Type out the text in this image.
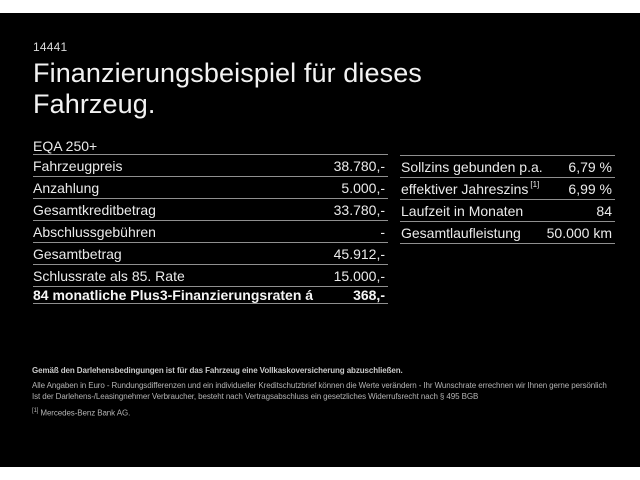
14441
Finanzierungsbeispiel für dieses
Fahrzeug.
EQA 250+
Fahrzeugpreis	38.780,-
Anzahlung	5.000,-
Gesamtkreditbetrag	33.780,-
Abschlussgebühren	-
Gesamtbetrag	45.912,-
Schlussrate als 85. Rate	15.000,-
84 monatliche Plus3-Finanzierungsraten á	368,-
Sollzins gebunden p.a. 6,79 %
effektiver Jahreszins [1] 6,99 %
Laufzeit in Monaten	84
Gesamtlaufleistung 50.000 km

Gemäß den Darlehensbedingungen ist für das Fahrzeug eine Vollkaskoversicherung abzuschließen.

Alle Angaben in Euro - Rundungsdifferenzen und ein individueller Kreditschutzbrief können die Werte verändern - Ihr Wunschrate errechnen wir Ihnen gerne persönlich

Ist der Darlehens-/Leasingnehmer Verbraucher, besteht nach Vertragsabschluss ein gesetzliches Widerrufsrecht nach § 495 BGB

[1] Mercedes-Benz Bank AG.
